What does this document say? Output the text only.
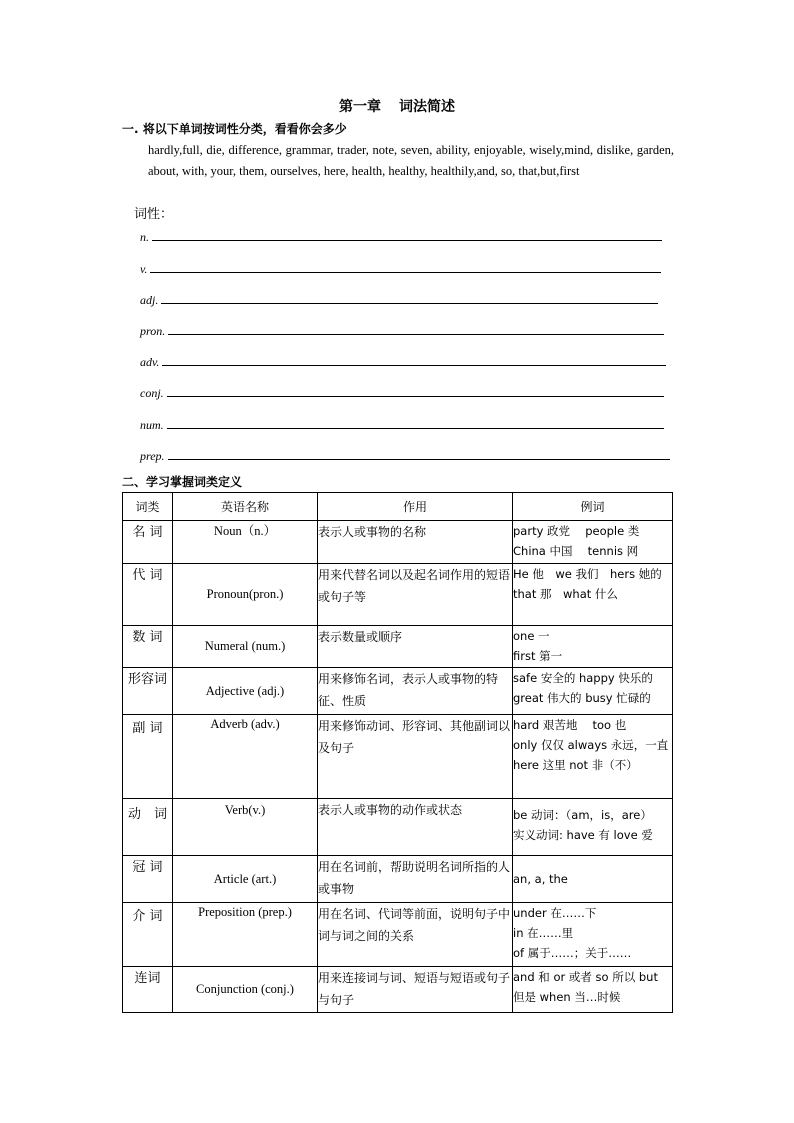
第一章 词法简述
一. 将以下单词按词性分类，看看你会多少
hardly,full, die, difference, grammar, trader, note, seven, ability, enjoyable, wisely,mind, dislike, garden, about, with, your, them, ourselves, here, health, healthy, healthily,and, so, that,but,first
词性：
n.
v.
adj.
pron.
adv.
conj.
num.
prep.
二、学习掌握词类定义
词类	英语名称	作用	例词
名 词	Noun（n.）	表示人或事物的名称	party 政党　 people 类
China 中国　 tennis 网

代 词	Pronoun(pron.)	用来代替名词以及起名词作用的短语或句子等	He 他　we 我们　hers 她的
that 那　what 什么

数 词	Numeral (num.)	表示数量或顺序	one 一
first 第一

形容词	Adjective (adj.)	用来修饰名词，表示人或事物的特征、性质	safe 安全的 happy 快乐的
great 伟大的 busy 忙碌的

副 词	Adverb (adv.)	用来修饰动词、形容词、其他副词以及句子	hard 艰苦地　 too 也
only 仅仅 always 永远，一直
here 这里 not 非（不）

动　词	Verb(v.)	表示人或事物的动作或状态	be 动词：（am，is，are）
实义动词: have 有 love 爱

冠 词	Article (art.)	用在名词前，帮助说明名词所指的人或事物	an, a, the

介 词	Preposition (prep.)	用在名词、代词等前面，说明句子中词与词之间的关系	under 在……下
in 在……里
of 属于……；关于……

连词	Conjunction (conj.)	用来连接词与词、短语与短语或句子与句子	and 和 or 或者 so 所以 but
但是 when 当…时候
